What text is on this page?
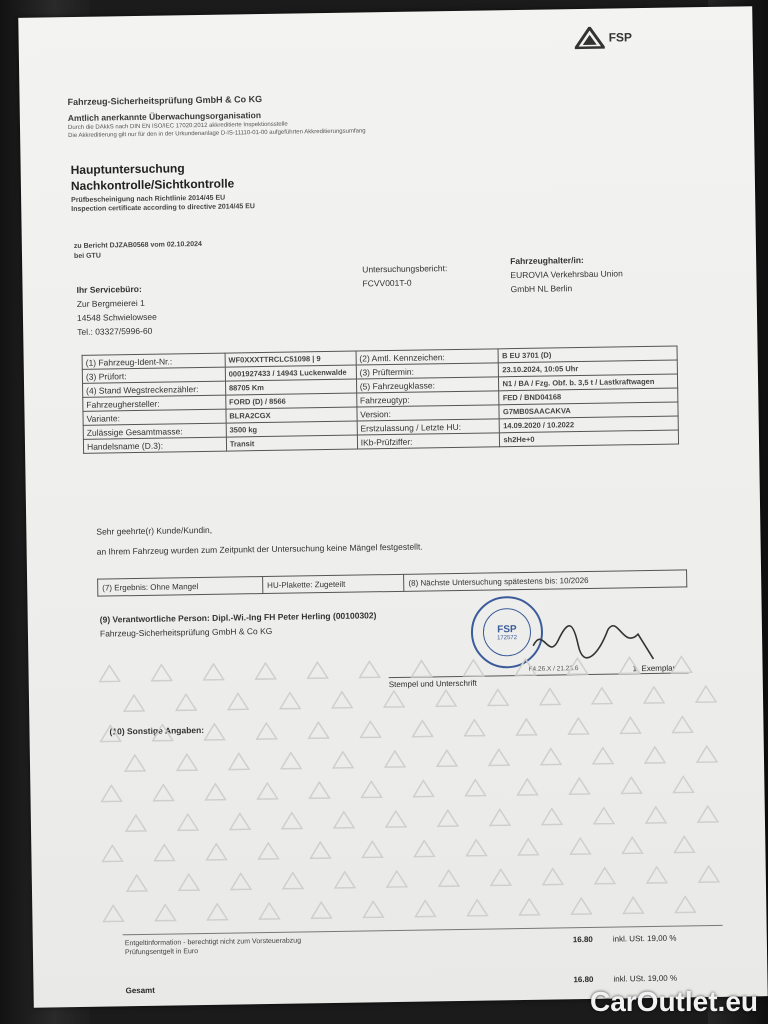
FSP
Fahrzeug-Sicherheitsprüfung GmbH & Co KG
Amtlich anerkannte Überwachungsorganisation
Durch die DAkkS nach DIN EN ISO/IEC 17020:2012 akkreditierte Inspektionsstelle
Die Akkreditierung gilt nur für den in der Urkundenanlage D-IS-11110-01-00 aufgeführten Akkreditierungsumfang
Hauptuntersuchung
Nachkontrolle/Sichtkontrolle
Prüfbescheinigung nach Richtlinie 2014/45 EU
Inspection certificate according to directive 2014/45 EU
zu Bericht DJZAB0568 vom 02.10.2024
bei GTU
Ihr Servicebüro:
Zur Bergmeierei 1
14548 Schwielowsee
Tel.: 03327/5996-60
Untersuchungsbericht:
FCVV001T-0
Fahrzeughalter/in:
EUROVIA Verkehrsbau Union
GmbH NL Berlin
(1) Fahrzeug-Ident-Nr.:	WF0XXXTTRCLC51098 | 9	(2) Amtl. Kennzeichen:	B EU 3701 (D)
(3) Prüfort:	0001927433 / 14943 Luckenwalde	(3) Prüftermin:	23.10.2024, 10:05 Uhr
(4) Stand Wegstreckenzähler:	88705 Km	(5) Fahrzeugklasse:	N1 / BA / Fzg. Obf. b. 3,5 t / Lastkraftwagen
Fahrzeughersteller:	FORD (D) / 8566	Fahrzeugtyp:	FED / BND04168
Variante:	BLRA2CGX	Version:	G7MB0SAACAKVA
Zulässige Gesamtmasse:	3500 kg	Erstzulassung / Letzte HU:	14.09.2020 / 10.2022
Handelsname (D.3):	Transit	IKb-Prüfziffer:	sh2He+0
Sehr geehrte(r) Kunde/Kundin,
an Ihrem Fahrzeug wurden zum Zeitpunkt der Untersuchung keine Mängel festgestellt.
(7) Ergebnis: Ohne Mangel	HU-Plakette: Zugeteilt	(8) Nächste Untersuchung spätestens bis: 10/2026
(9) Verantwortliche Person: Dipl.-Wi.-Ing FH Peter Herling (00100302)
Fahrzeug-Sicherheitsprüfung GmbH & Co KG	FSP
172572
Stempel und Unterschrift
F4.26.X / 21.23.6	1. Exemplar
(10) Sonstige Angaben:
Entgeltinformation - berechtigt nicht zum Vorsteuerabzug
Prüfungsentgelt in Euro
16.80 inkl. USt. 19,00 %
Gesamt
16.80 inkl. USt. 19,00 %
CarOutlet.eu
